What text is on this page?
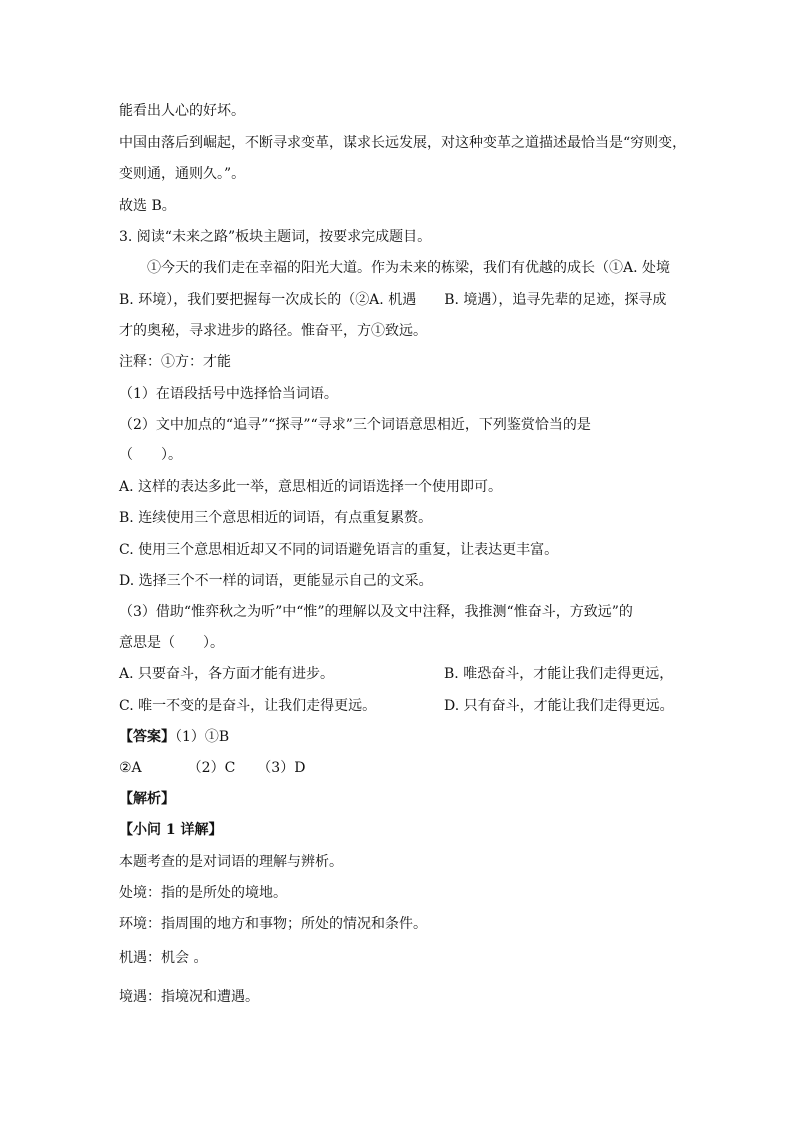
能看出人心的好坏。
中国由落后到崛起，不断寻求变革，谋求长远发展，对这种变革之道描述最恰当是“穷则变，
变则通，通则久。”。
故选 B。
3. 阅读“未来之路”板块主题词，按要求完成题目。
①今天的我们走在幸福的阳光大道。作为未来的栋梁，我们有优越的成长（①A. 处境
B. 环境），我们要把握每一次成长的（②A. 机遇　　B. 境遇），追寻先辈的足迹，探寻成
才的奥秘，寻求进步的路径。惟奋平，方①致远。
注释：①方：才能
（1）在语段括号中选择恰当词语。
（2）文中加点的“追寻”“探寻”“寻求”三个词语意思相近，下列鉴赏恰当的是
（　　）。
A. 这样的表达多此一举，意思相近的词语选择一个使用即可。
B. 连续使用三个意思相近的词语，有点重复累赘。
C. 使用三个意思相近却又不同的词语避免语言的重复，让表达更丰富。
D. 选择三个不一样的词语，更能显示自己的文采。
（3）借助“惟弈秋之为听”中“惟”的理解以及文中注释，我推测“惟奋斗，方致远”的
意思是（　　）。
A. 只要奋斗，各方面才能有进步。	B. 唯恐奋斗，才能让我们走得更远，
C. 唯一不变的是奋斗，让我们走得更远。	D. 只有奋斗，才能让我们走得更远。
【答案】（1）①B
②A	（2）C （3）D
【解析】
【小问 1 详解】
本题考查的是对词语的理解与辨析。
处境：指的是所处的境地。
环境：指周围的地方和事物；所处的情况和条件。
机遇：机会 。
境遇：指境况和遭遇。
